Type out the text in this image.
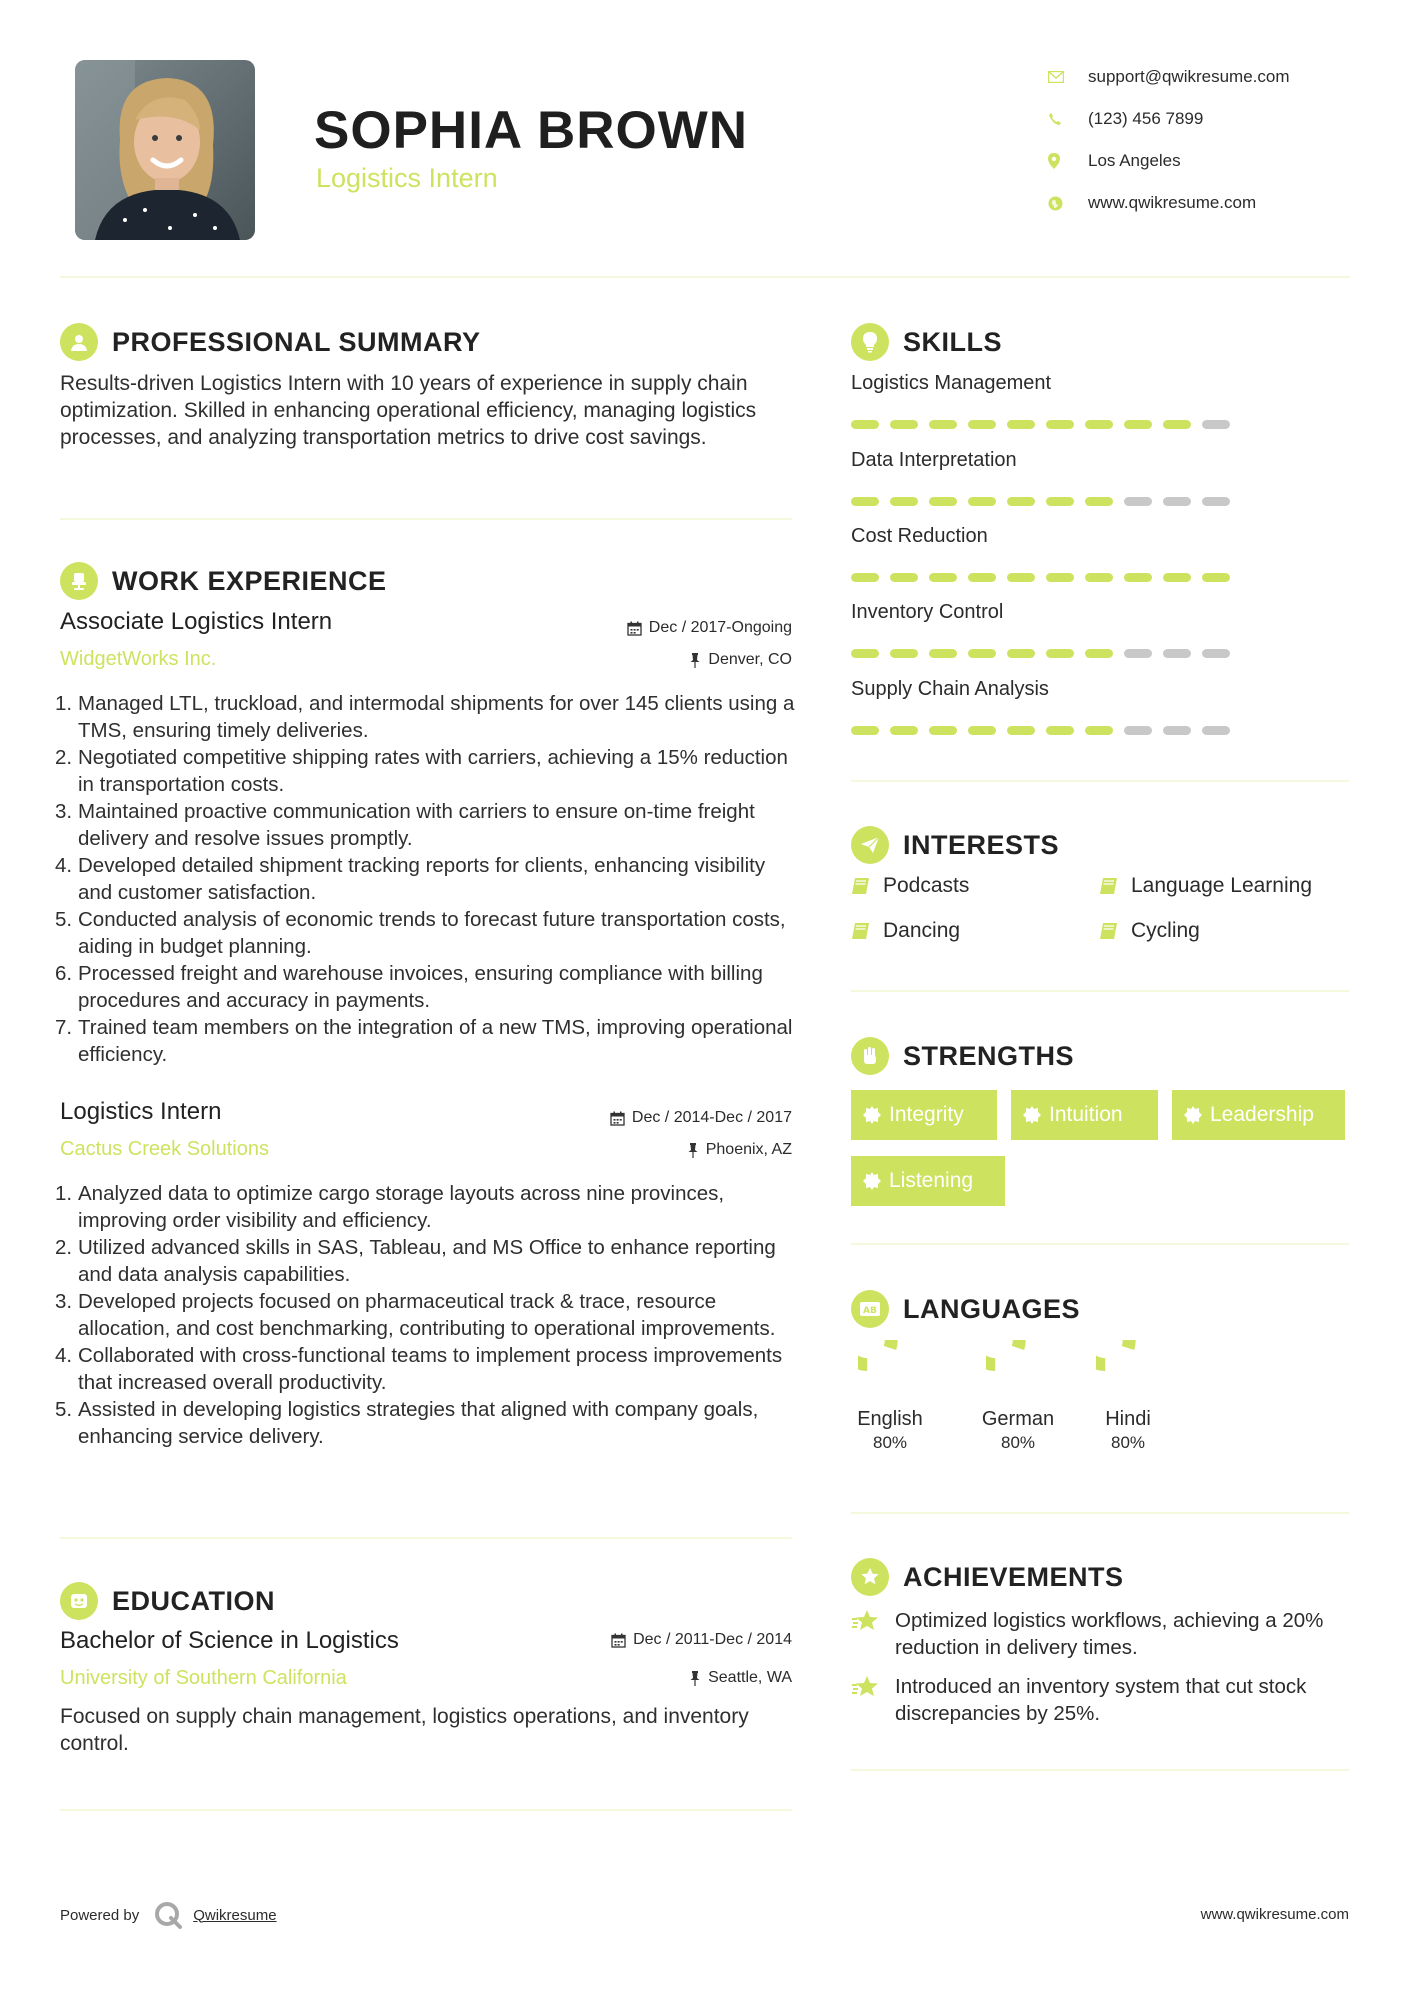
SOPHIA BROWN
Logistics Intern
support@qwikresume.com
(123) 456 7899
Los Angeles
www.qwikresume.com
PROFESSIONAL SUMMARY
Results-driven Logistics Intern with 10 years of experience in supply chain optimization. Skilled in enhancing operational efficiency, managing logistics processes, and analyzing transportation metrics to drive cost savings.
WORK EXPERIENCE
Associate Logistics Intern	Dec / 2017-Ongoing
WidgetWorks Inc.	Denver, CO
1. Managed LTL, truckload, and intermodal shipments for over 145 clients using a TMS, ensuring timely deliveries.
2. Negotiated competitive shipping rates with carriers, achieving a 15% reduction in transportation costs.
3. Maintained proactive communication with carriers to ensure on-time freight delivery and resolve issues promptly.
4. Developed detailed shipment tracking reports for clients, enhancing visibility and customer satisfaction.
5. Conducted analysis of economic trends to forecast future transportation costs, aiding in budget planning.
6. Processed freight and warehouse invoices, ensuring compliance with billing procedures and accuracy in payments.
7. Trained team members on the integration of a new TMS, improving operational efficiency.
Logistics Intern	Dec / 2014-Dec / 2017
Cactus Creek Solutions	Phoenix, AZ
1. Analyzed data to optimize cargo storage layouts across nine provinces, improving order visibility and efficiency.
2. Utilized advanced skills in SAS, Tableau, and MS Office to enhance reporting and data analysis capabilities.
3. Developed projects focused on pharmaceutical track & trace, resource allocation, and cost benchmarking, contributing to operational improvements.
4. Collaborated with cross-functional teams to implement process improvements that increased overall productivity.
5. Assisted in developing logistics strategies that aligned with company goals, enhancing service delivery.
EDUCATION
Bachelor of Science in Logistics	Dec / 2011-Dec / 2014
University of Southern California	Seattle, WA
Focused on supply chain management, logistics operations, and inventory control.
SKILLS
Logistics Management
Data Interpretation
Cost Reduction
Inventory Control
Supply Chain Analysis
INTERESTS
Podcasts	Language Learning
Dancing	Cycling
STRENGTHS
Integrity	Intuition	Leadership
Listening
AB LANGUAGES
English
80%
German
80%
Hindi
80%
ACHIEVEMENTS
Optimized logistics workflows, achieving a 20% reduction in delivery times.
Introduced an inventory system that cut stock discrepancies by 25%.
Powered by	Qwikresume	www.qwikresume.com
